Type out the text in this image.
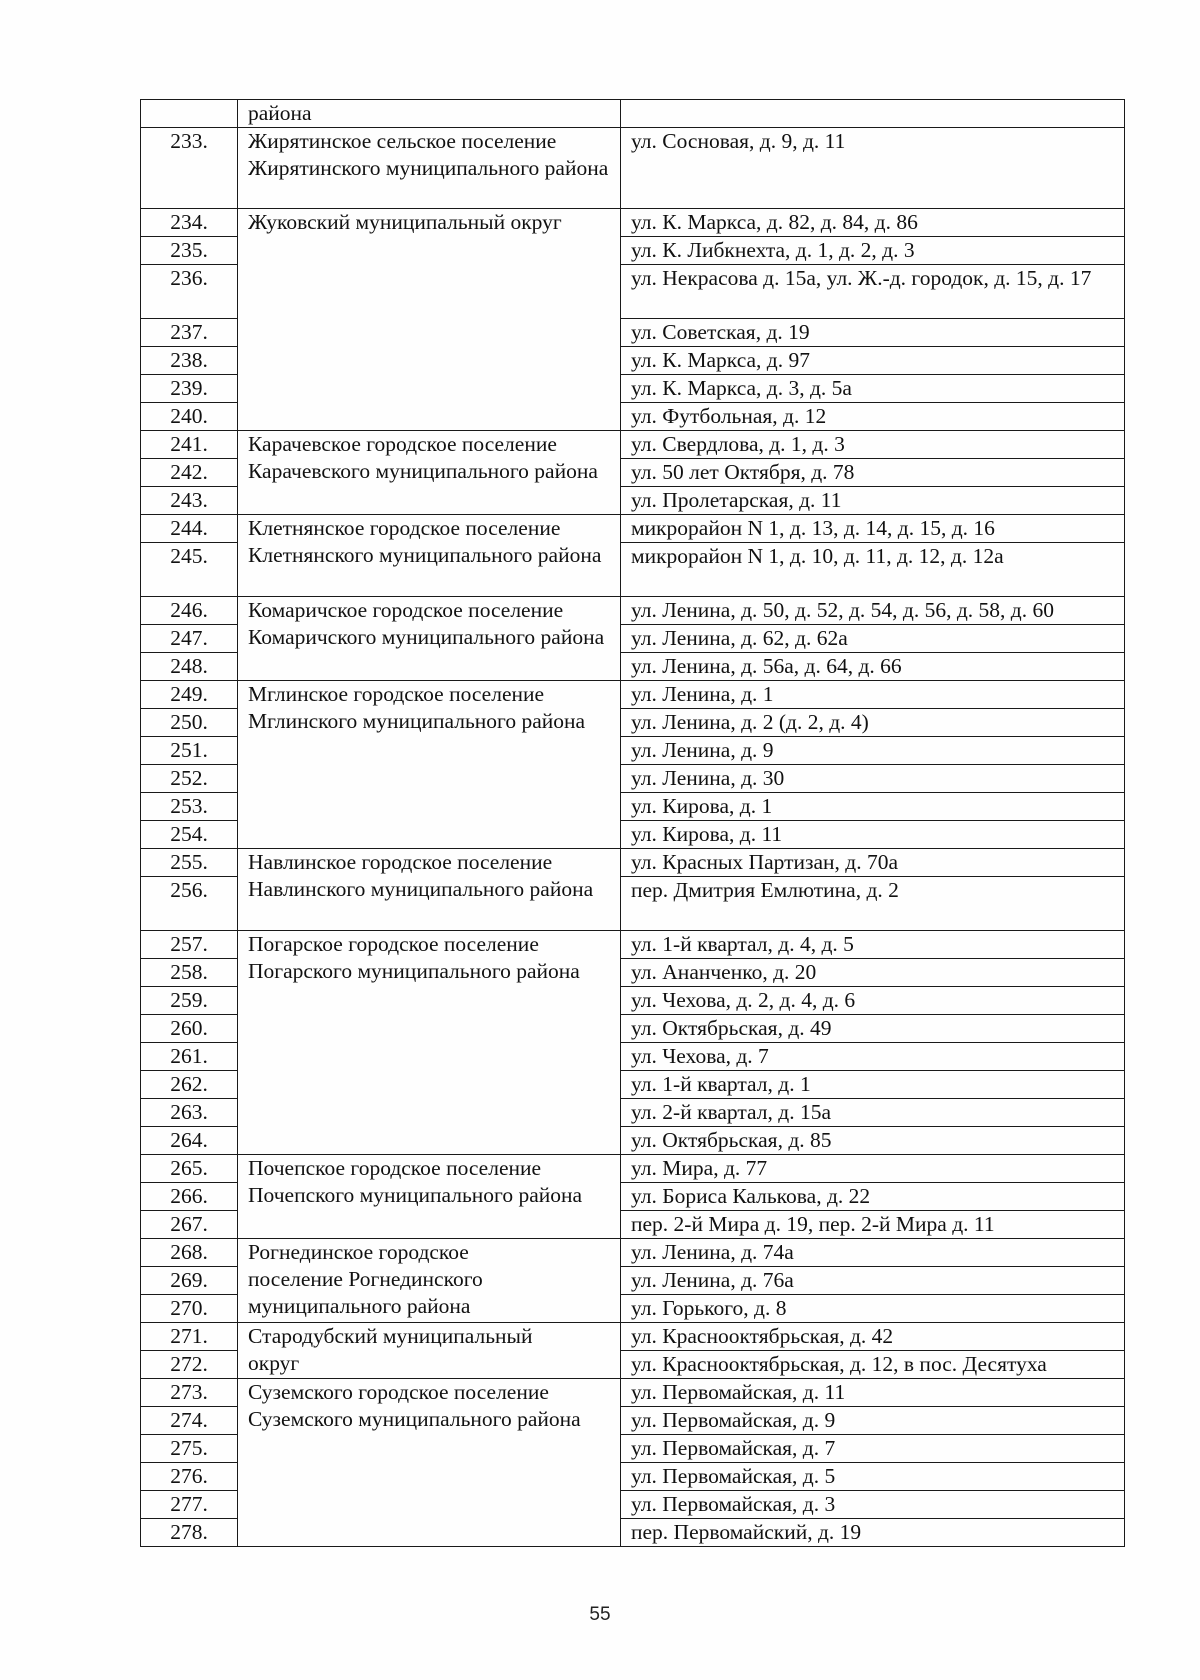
	района	
233.	Жирятинское сельское поселение Жирятинского муниципального района	ул. Сосновая, д. 9, д. 11
234.	Жуковский муниципальный округ	ул. К. Маркса, д. 82, д. 84, д. 86
235.		ул. К. Либкнехта, д. 1, д. 2, д. 3
236.		ул. Некрасова д. 15а, ул. Ж.-д. городок, д. 15, д. 17
237.		ул. Советская, д. 19
238.		ул. К. Маркса, д. 97
239.		ул. К. Маркса, д. 3, д. 5а
240.		ул. Футбольная, д. 12
241.	Карачевское городское поселение Карачевского муниципального района	ул. Свердлова, д. 1, д. 3
242.		ул. 50 лет Октября, д. 78
243.		ул. Пролетарская, д. 11
244.	Клетнянское городское поселение Клетнянского муниципального района	микрорайон N 1, д. 13, д. 14, д. 15, д. 16
245.		микрорайон N 1, д. 10, д. 11, д. 12, д. 12а
246.	Комаричское городское поселение Комаричского муниципального района	ул. Ленина, д. 50, д. 52, д. 54, д. 56, д. 58, д. 60
247.		ул. Ленина, д. 62, д. 62а
248.		ул. Ленина, д. 56а, д. 64, д. 66
249.	Мглинское городское поселение Мглинского муниципального района	ул. Ленина, д. 1
250.		ул. Ленина, д. 2 (д. 2, д. 4)
251.		ул. Ленина, д. 9
252.		ул. Ленина, д. 30
253.		ул. Кирова, д. 1
254.		ул. Кирова, д. 11
255.	Навлинское городское поселение Навлинского муниципального района	ул. Красных Партизан, д. 70а
256.		пер. Дмитрия Емлютина, д. 2
257.	Погарское городское поселение Погарского муниципального района	ул. 1-й квартал, д. 4, д. 5
258.		ул. Ананченко, д. 20
259.		ул. Чехова, д. 2, д. 4, д. 6
260.		ул. Октябрьская, д. 49
261.		ул. Чехова, д. 7
262.		ул. 1-й квартал, д. 1
263.		ул. 2-й квартал, д. 15а
264.		ул. Октябрьская, д. 85
265.	Почепское городское поселение Почепского муниципального района	ул. Мира, д. 77
266.		ул. Бориса Калькова, д. 22
267.		пер. 2-й Мира д. 19, пер. 2-й Мира д. 11
268.	Рогнединское городское поселение Рогнединского муниципального района	ул. Ленина, д. 74а
269.		ул. Ленина, д. 76а
270.		ул. Горького, д. 8
271.	Стародубский муниципальный округ	ул. Краснооктябрьская, д. 42
272.		ул. Краснооктябрьская, д. 12, в пос. Десятуха
273.	Суземского городское поселение Суземского муниципального района	ул. Первомайская, д. 11
274.		ул. Первомайская, д. 9
275.		ул. Первомайская, д. 7
276.		ул. Первомайская, д. 5
277.		ул. Первомайская, д. 3
278.		пер. Первомайский, д. 19
55
